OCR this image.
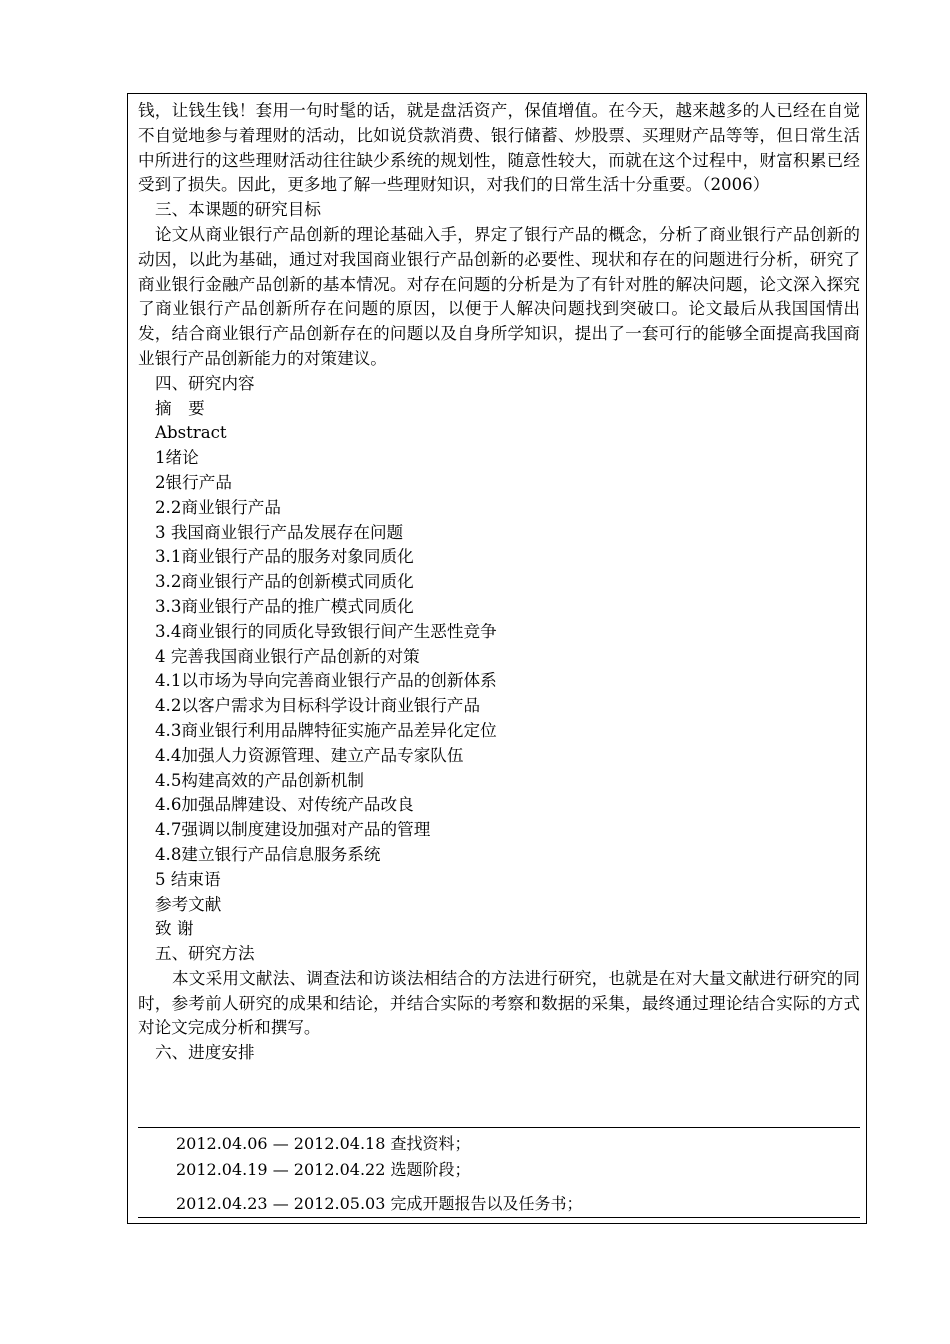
钱，让钱生钱！套用一句时髦的话，就是盘活资产，保值增值。在今天，越来越多的人已经在自觉不自觉地参与着理财的活动，比如说贷款消费、银行储蓄、炒股票、买理财产品等等，但日常生活中所进行的这些理财活动往往缺少系统的规划性，随意性较大，而就在这个过程中，财富积累已经受到了损失。因此，更多地了解一些理财知识，对我们的日常生活十分重要。（2006）

三、本课题的研究目标

论文从商业银行产品创新的理论基础入手，界定了银行产品的概念，分析了商业银行产品创新的动因，以此为基础，通过对我国商业银行产品创新的必要性、现状和存在的问题进行分析，研究了商业银行金融产品创新的基本情况。对存在问题的分析是为了有针对胜的解决问题，论文深入探究了商业银行产品创新所存在问题的原因，以便于人解决问题找到突破口。论文最后从我国国情出发，结合商业银行产品创新存在的问题以及自身所学知识，提出了一套可行的能够全面提高我国商业银行产品创新能力的对策建议。

四、研究内容

摘　要

Abstract

1绪论

2银行产品

2.2商业银行产品

3 我国商业银行产品发展存在问题

3.1商业银行产品的服务对象同质化

3.2商业银行产品的创新模式同质化

3.3商业银行产品的推广模式同质化

3.4商业银行的同质化导致银行间产生恶性竞争

4 完善我国商业银行产品创新的对策

4.1以市场为导向完善商业银行产品的创新体系

4.2以客户需求为目标科学设计商业银行产品

4.3商业银行利用品牌特征实施产品差异化定位

4.4加强人力资源管理、建立产品专家队伍

4.5构建高效的产品创新机制

4.6加强品牌建设、对传统产品改良

4.7强调以制度建设加强对产品的管理

4.8建立银行产品信息服务系统

5 结束语

参考文献

致 谢

五、研究方法

本文采用文献法、调查法和访谈法相结合的方法进行研究，也就是在对大量文献进行研究的同时，参考前人研究的成果和结论，并结合实际的考察和数据的采集，最终通过理论结合实际的方式对论文完成分析和撰写。

六、进度安排

2012.04.06 — 2012.04.18 查找资料；
2012.04.19 — 2012.04.22 选题阶段；
2012.04.23 — 2012.05.03 完成开题报告以及任务书；
